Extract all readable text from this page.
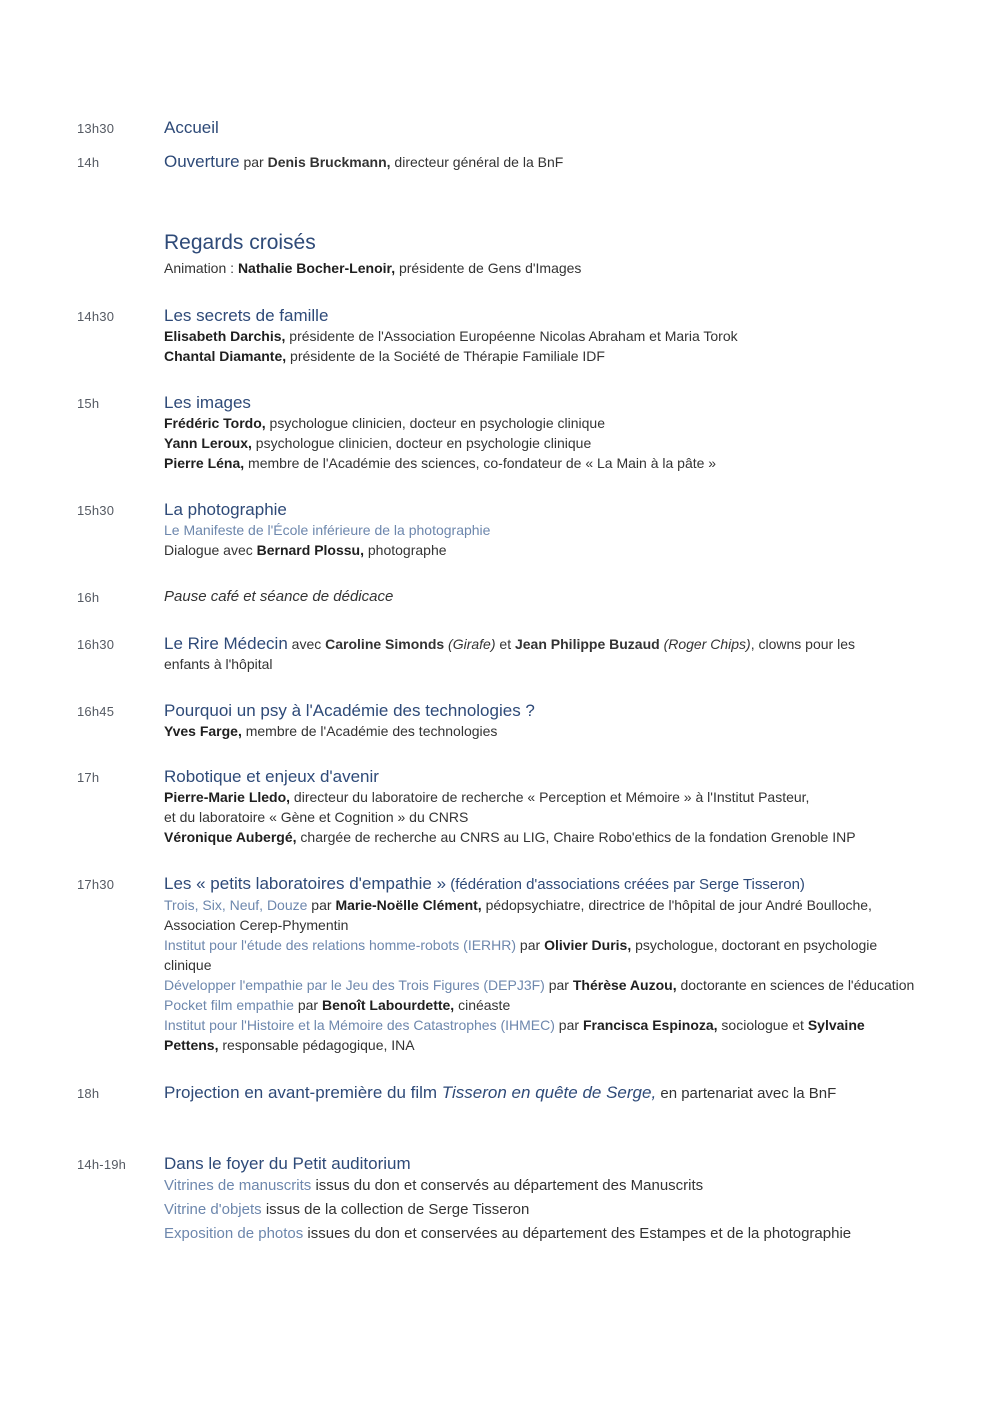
13h30	Accueil
14h	Ouverture par Denis Bruckmann, directeur général de la BnF
Regards croisés
Animation : Nathalie Bocher-Lenoir, présidente de Gens d'Images
14h30	Les secrets de famille
Elisabeth Darchis, présidente de l'Association Européenne Nicolas Abraham et Maria Torok
Chantal Diamante, présidente de la Société de Thérapie Familiale IDF
15h	Les images
Frédéric Tordo, psychologue clinicien, docteur en psychologie clinique
Yann Leroux, psychologue clinicien, docteur en psychologie clinique
Pierre Léna, membre de l'Académie des sciences, co-fondateur de « La Main à la pâte »
15h30	La photographie
Le Manifeste de l'École inférieure de la photographie
Dialogue avec Bernard Plossu, photographe
16h	Pause café et séance de dédicace
16h30	Le Rire Médecin avec Caroline Simonds (Girafe) et Jean Philippe Buzaud (Roger Chips), clowns pour les
enfants à l'hôpital
16h45	Pourquoi un psy à l'Académie des technologies ?
Yves Farge, membre de l'Académie des technologies
17h	Robotique et enjeux d'avenir
Pierre-Marie Lledo, directeur du laboratoire de recherche « Perception et Mémoire » à l'Institut Pasteur,
et du laboratoire « Gène et Cognition » du CNRS
Véronique Aubergé, chargée de recherche au CNRS au LIG, Chaire Robo'ethics de la fondation Grenoble INP
17h30	Les « petits laboratoires d'empathie » (fédération d'associations créées par Serge Tisseron)
Trois, Six, Neuf, Douze par Marie-Noëlle Clément, pédopsychiatre, directrice de l'hôpital de jour André Boulloche,
Association Cerep-Phymentin
Institut pour l'étude des relations homme-robots (IERHR) par Olivier Duris, psychologue, doctorant en psychologie
clinique
Développer l'empathie par le Jeu des Trois Figures (DEPJ3F) par Thérèse Auzou, doctorante en sciences de l'éducation
Pocket film empathie par Benoît Labourdette, cinéaste
Institut pour l'Histoire et la Mémoire des Catastrophes (IHMEC) par Francisca Espinoza, sociologue et Sylvaine
Pettens, responsable pédagogique, INA
18h	Projection en avant-première du film Tisseron en quête de Serge, en partenariat avec la BnF
14h-19h Dans le foyer du Petit auditorium
Vitrines de manuscrits issus du don et conservés au département des Manuscrits
Vitrine d'objets issus de la collection de Serge Tisseron
Exposition de photos issues du don et conservées au département des Estampes et de la photographie
